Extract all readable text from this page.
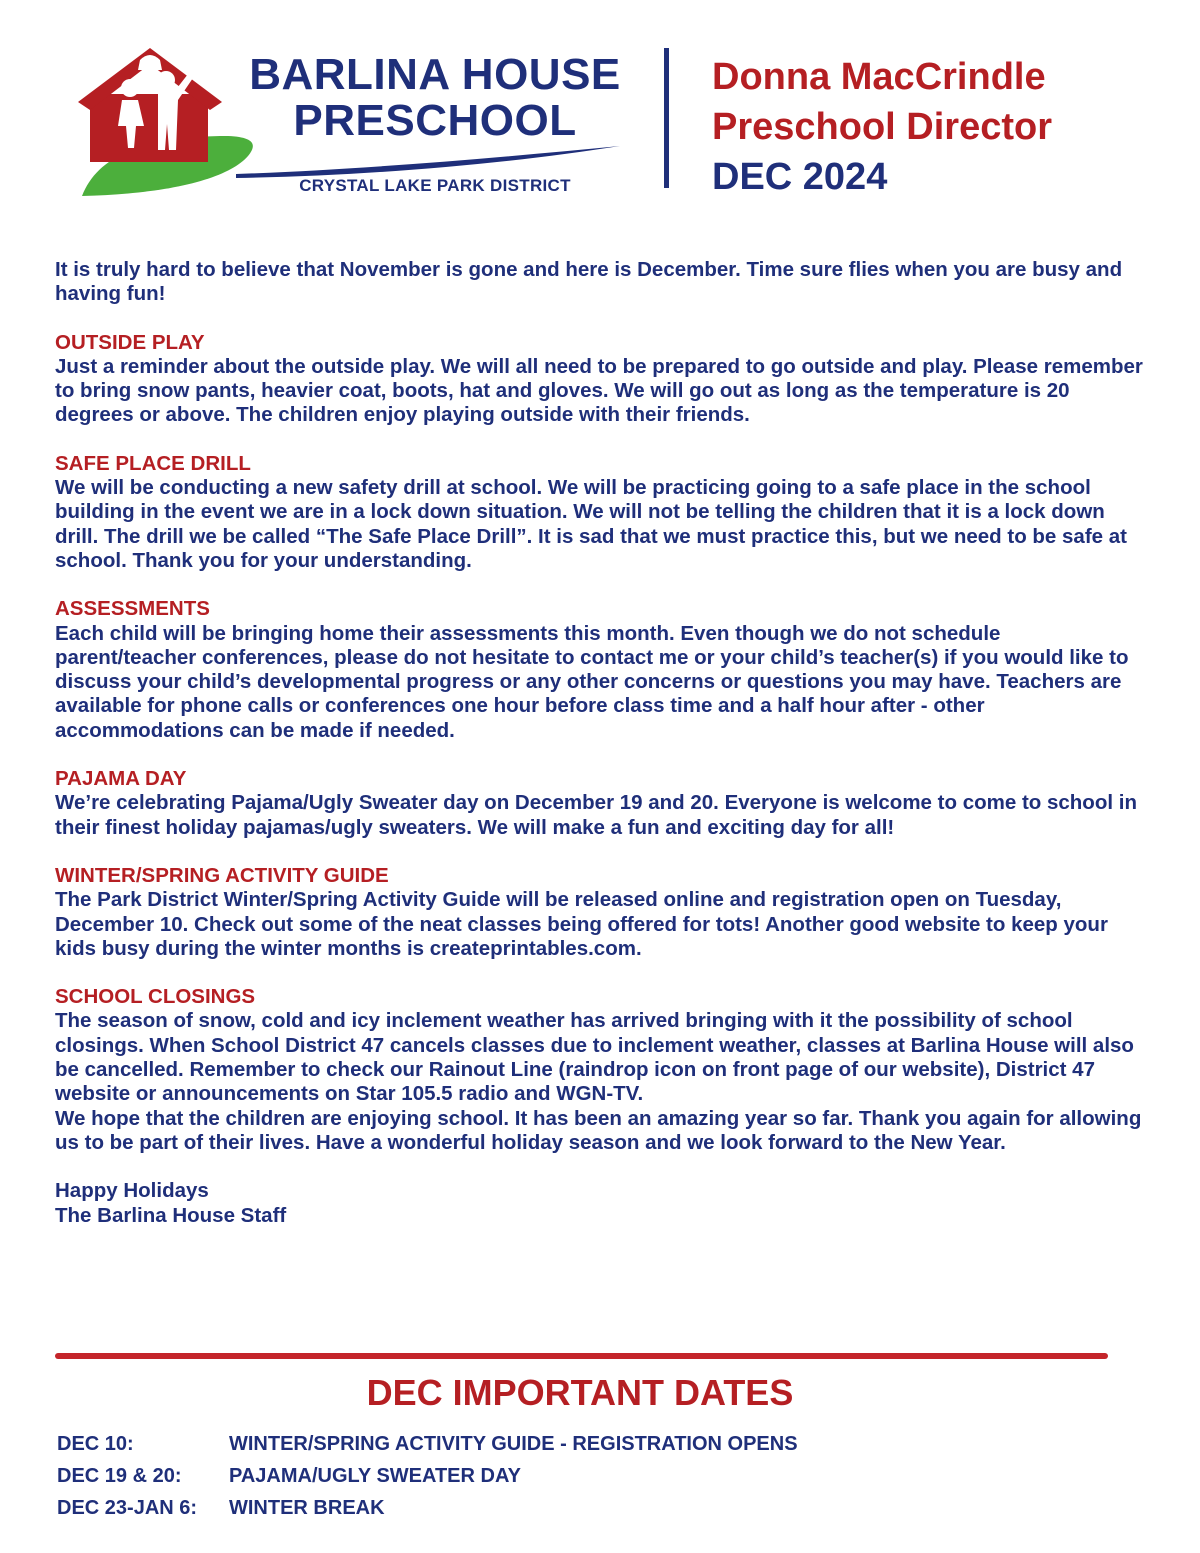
BARLINA HOUSE
PRESCHOOL
CRYSTAL LAKE PARK DISTRICT
Donna MacCrindle
Preschool Director
DEC 2024

It is truly hard to believe that November is gone and here is December. Time sure flies when you are busy and having fun!

OUTSIDE PLAY

Just a reminder about the outside play. We will all need to be prepared to go outside and play. Please remember to bring snow pants, heavier coat, boots, hat and gloves. We will go out as long as the temperature is 20 degrees or above. The children enjoy playing outside with their friends.

SAFE PLACE DRILL

We will be conducting a new safety drill at school. We will be practicing going to a safe place in the school building in the event we are in a lock down situation. We will not be telling the children that it is a lock down drill. The drill we be called “The Safe Place Drill”. It is sad that we must practice this, but we need to be safe at school. Thank you for your understanding.

ASSESSMENTS

Each child will be bringing home their assessments this month. Even though we do not schedule parent/teacher conferences, please do not hesitate to contact me or your child’s teacher(s) if you would like to discuss your child’s developmental progress or any other concerns or questions you may have. Teachers are available for phone calls or conferences one hour before class time and a half hour after - other accommodations can be made if needed.

PAJAMA DAY

We’re celebrating Pajama/Ugly Sweater day on December 19 and 20. Everyone is welcome to come to school in their finest holiday pajamas/ugly sweaters. We will make a fun and exciting day for all!

WINTER/SPRING ACTIVITY GUIDE

The Park District Winter/Spring Activity Guide will be released online and registration open on Tuesday, December 10. Check out some of the neat classes being offered for tots! Another good website to keep your kids busy during the winter months is createprintables.com.

SCHOOL CLOSINGS

The season of snow, cold and icy inclement weather has arrived bringing with it the possibility of school closings. When School District 47 cancels classes due to inclement weather, classes at Barlina House will also be cancelled. Remember to check our Rainout Line (raindrop icon on front page of our website), District 47 website or announcements on Star 105.5 radio and WGN-TV.

We hope that the children are enjoying school. It has been an amazing year so far. Thank you again for allowing us to be part of their lives. Have a wonderful holiday season and we look forward to the New Year.

Happy Holidays
The Barlina House Staff
DEC IMPORTANT DATES
DEC 10:	WINTER/SPRING ACTIVITY GUIDE - REGISTRATION OPENS
DEC 19 & 20:	PAJAMA/UGLY SWEATER DAY
DEC 23-JAN 6:	WINTER BREAK
